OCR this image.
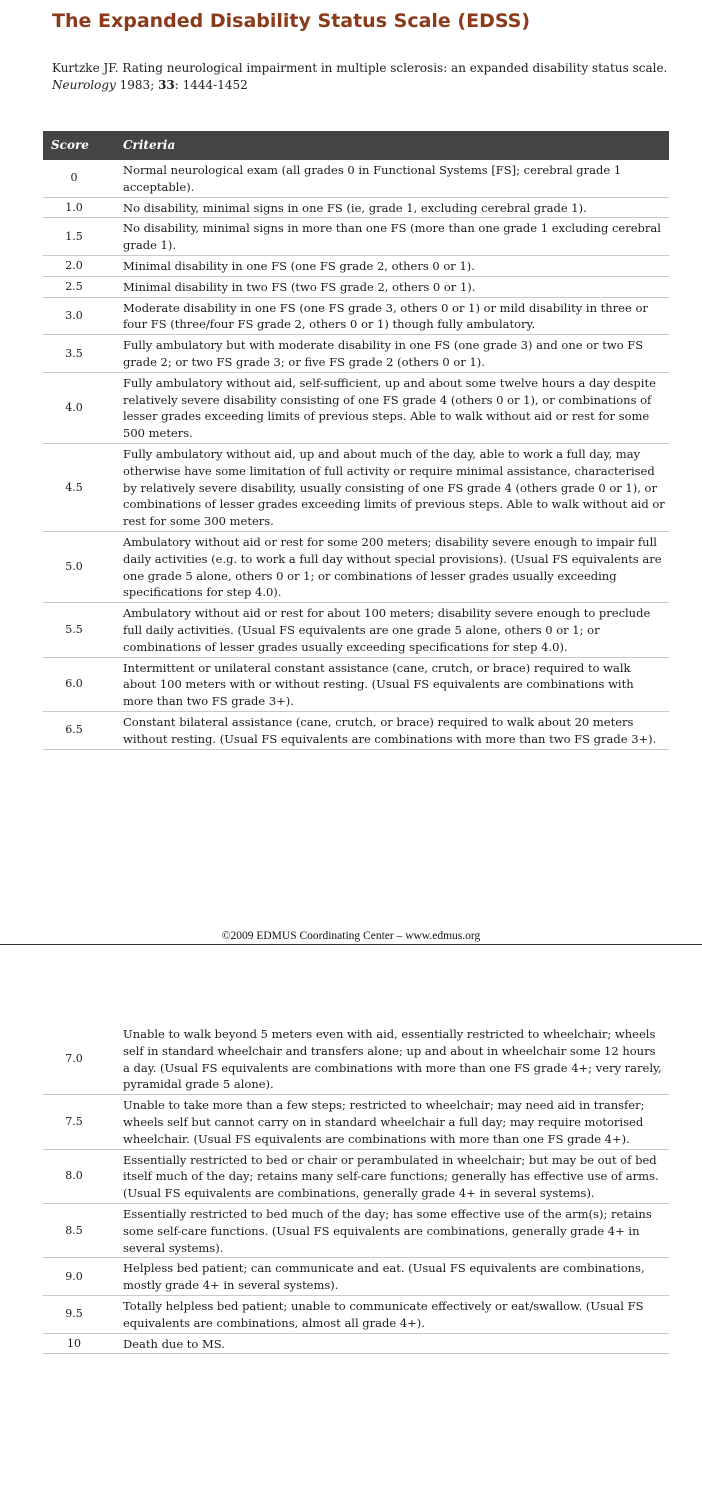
The Expanded Disability Status Scale (EDSS)
Kurtzke JF. Rating neurological impairment in multiple sclerosis: an expanded disability status scale. Neurology 1983; 33: 1444-1452
Score	Criteria
0	Normal neurological exam (all grades 0 in Functional Systems [FS]; cerebral grade 1 acceptable).
1.0	No disability, minimal signs in one FS (ie, grade 1, excluding cerebral grade 1).
1.5	No disability, minimal signs in more than one FS (more than one grade 1 excluding cerebral grade 1).
2.0	Minimal disability in one FS (one FS grade 2, others 0 or 1).
2.5	Minimal disability in two FS (two FS grade 2, others 0 or 1).
3.0	Moderate disability in one FS (one FS grade 3, others 0 or 1) or mild disability in three or four FS (three/four FS grade 2, others 0 or 1) though fully ambulatory.
3.5	Fully ambulatory but with moderate disability in one FS (one grade 3) and one or two FS grade 2; or two FS grade 3; or five FS grade 2 (others 0 or 1).
4.0	Fully ambulatory without aid, self-sufficient, up and about some twelve hours a day despite relatively severe disability consisting of one FS grade 4 (others 0 or 1), or combinations of lesser grades exceeding limits of previous steps. Able to walk without aid or rest for some 500 meters.
4.5	Fully ambulatory without aid, up and about much of the day, able to work a full day, may otherwise have some limitation of full activity or require minimal assistance, characterised by relatively severe disability, usually consisting of one FS grade 4 (others grade 0 or 1), or combinations of lesser grades exceeding limits of previous steps. Able to walk without aid or rest for some 300 meters.
5.0	Ambulatory without aid or rest for some 200 meters; disability severe enough to impair full daily activities (e.g. to work a full day without special provisions). (Usual FS equivalents are one grade 5 alone, others 0 or 1; or combinations of lesser grades usually exceeding specifications for step 4.0).
5.5	Ambulatory without aid or rest for about 100 meters; disability severe enough to preclude full daily activities. (Usual FS equivalents are one grade 5 alone, others 0 or 1; or combinations of lesser grades usually exceeding specifications for step 4.0).
6.0	Intermittent or unilateral constant assistance (cane, crutch, or brace) required to walk about 100 meters with or without resting. (Usual FS equivalents are combinations with more than two FS grade 3+).
6.5	Constant bilateral assistance (cane, crutch, or brace) required to walk about 20 meters without resting. (Usual FS equivalents are combinations with more than two FS grade 3+).
©2009 EDMUS Coordinating Center – www.edmus.org
7.0	Unable to walk beyond 5 meters even with aid, essentially restricted to wheelchair; wheels self in standard wheelchair and transfers alone; up and about in wheelchair some 12 hours a day. (Usual FS equivalents are combinations with more than one FS grade 4+; very rarely, pyramidal grade 5 alone).
7.5	Unable to take more than a few steps; restricted to wheelchair; may need aid in transfer; wheels self but cannot carry on in standard wheelchair a full day; may require motorised wheelchair. (Usual FS equivalents are combinations with more than one FS grade 4+).
8.0	Essentially restricted to bed or chair or perambulated in wheelchair; but may be out of bed itself much of the day; retains many self-care functions; generally has effective use of arms. (Usual FS equivalents are combinations, generally grade 4+ in several systems).
8.5	Essentially restricted to bed much of the day; has some effective use of the arm(s); retains some self-care functions. (Usual FS equivalents are combinations, generally grade 4+ in several systems).
9.0	Helpless bed patient; can communicate and eat. (Usual FS equivalents are combinations, mostly grade 4+ in several systems).
9.5	Totally helpless bed patient; unable to communicate effectively or eat/swallow. (Usual FS equivalents are combinations, almost all grade 4+).
10	Death due to MS.
